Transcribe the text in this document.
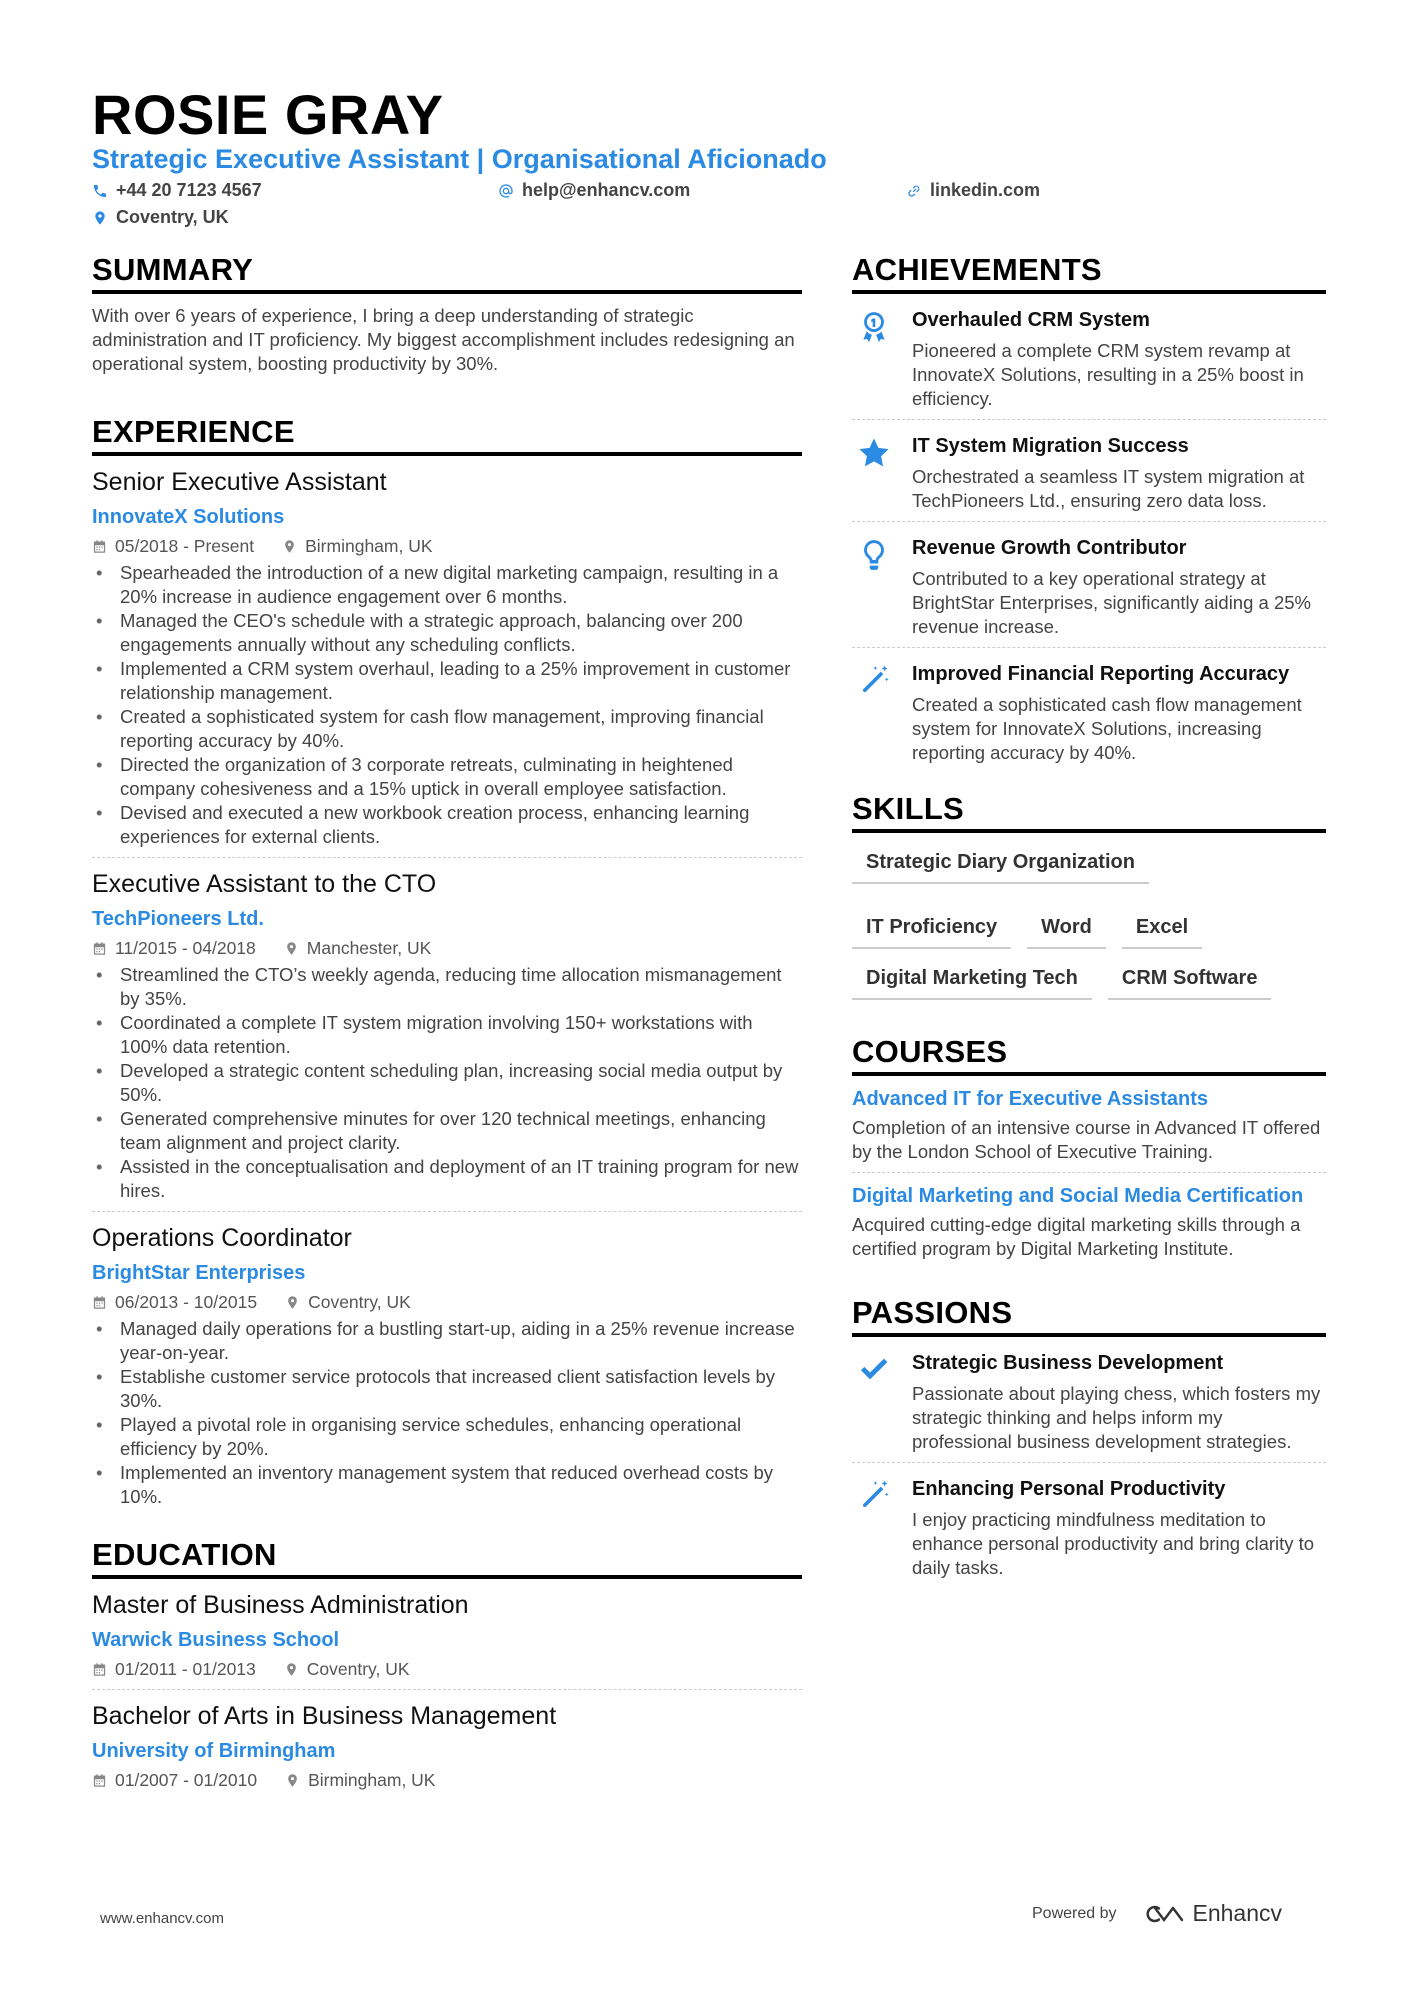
ROSIE GRAY
Strategic Executive Assistant | Organisational Aficionado
+44 20 7123 4567	help@enhancv.com	linkedin.com
Coventry, UK
SUMMARY
With over 6 years of experience, I bring a deep understanding of strategic administration and IT proficiency. My biggest accomplishment includes redesigning an operational system, boosting productivity by 30%.
EXPERIENCE
Senior Executive Assistant
InnovateX Solutions
05/2018 - Present	Birmingham, UK
• Spearheaded the introduction of a new digital marketing campaign, resulting in a 20% increase in audience engagement over 6 months.
• Managed the CEO's schedule with a strategic approach, balancing over 200 engagements annually without any scheduling conflicts.
• Implemented a CRM system overhaul, leading to a 25% improvement in customer relationship management.
• Created a sophisticated system for cash flow management, improving financial reporting accuracy by 40%.
• Directed the organization of 3 corporate retreats, culminating in heightened company cohesiveness and a 15% uptick in overall employee satisfaction.
• Devised and executed a new workbook creation process, enhancing learning experiences for external clients.
Executive Assistant to the CTO
TechPioneers Ltd.
11/2015 - 04/2018	Manchester, UK
• Streamlined the CTO’s weekly agenda, reducing time allocation mismanagement by 35%.
• Coordinated a complete IT system migration involving 150+ workstations with 100% data retention.
• Developed a strategic content scheduling plan, increasing social media output by 50%.
• Generated comprehensive minutes for over 120 technical meetings, enhancing team alignment and project clarity.
• Assisted in the conceptualisation and deployment of an IT training program for new hires.
Operations Coordinator
BrightStar Enterprises
06/2013 - 10/2015	Coventry, UK
• Managed daily operations for a bustling start-up, aiding in a 25% revenue increase year-on-year.
• Establishe customer service protocols that increased client satisfaction levels by 30%.
• Played a pivotal role in organising service schedules, enhancing operational efficiency by 20%.
• Implemented an inventory management system that reduced overhead costs by 10%.
EDUCATION
Master of Business Administration
Warwick Business School
01/2011 - 01/2013	Coventry, UK
Bachelor of Arts in Business Management
University of Birmingham
01/2007 - 01/2010	Birmingham, UK
ACHIEVEMENTS
Overhauled CRM System
Pioneered a complete CRM system revamp at InnovateX Solutions, resulting in a 25% boost in efficiency.
IT System Migration Success
Orchestrated a seamless IT system migration at TechPioneers Ltd., ensuring zero data loss.
Revenue Growth Contributor
Contributed to a key operational strategy at BrightStar Enterprises, significantly aiding a 25% revenue increase.
Improved Financial Reporting Accuracy
Created a sophisticated cash flow management system for InnovateX Solutions, increasing reporting accuracy by 40%.
SKILLS
Strategic Diary Organization
IT Proficiency	Word	Excel
Digital Marketing Tech	CRM Software
COURSES
Advanced IT for Executive Assistants
Completion of an intensive course in Advanced IT offered by the London School of Executive Training.
Digital Marketing and Social Media Certification
Acquired cutting-edge digital marketing skills through a certified program by Digital Marketing Institute.
PASSIONS
Strategic Business Development
Passionate about playing chess, which fosters my strategic thinking and helps inform my professional business development strategies.
Enhancing Personal Productivity
I enjoy practicing mindfulness meditation to enhance personal productivity and bring clarity to daily tasks.
www.enhancv.com	Powered by	Enhancv
